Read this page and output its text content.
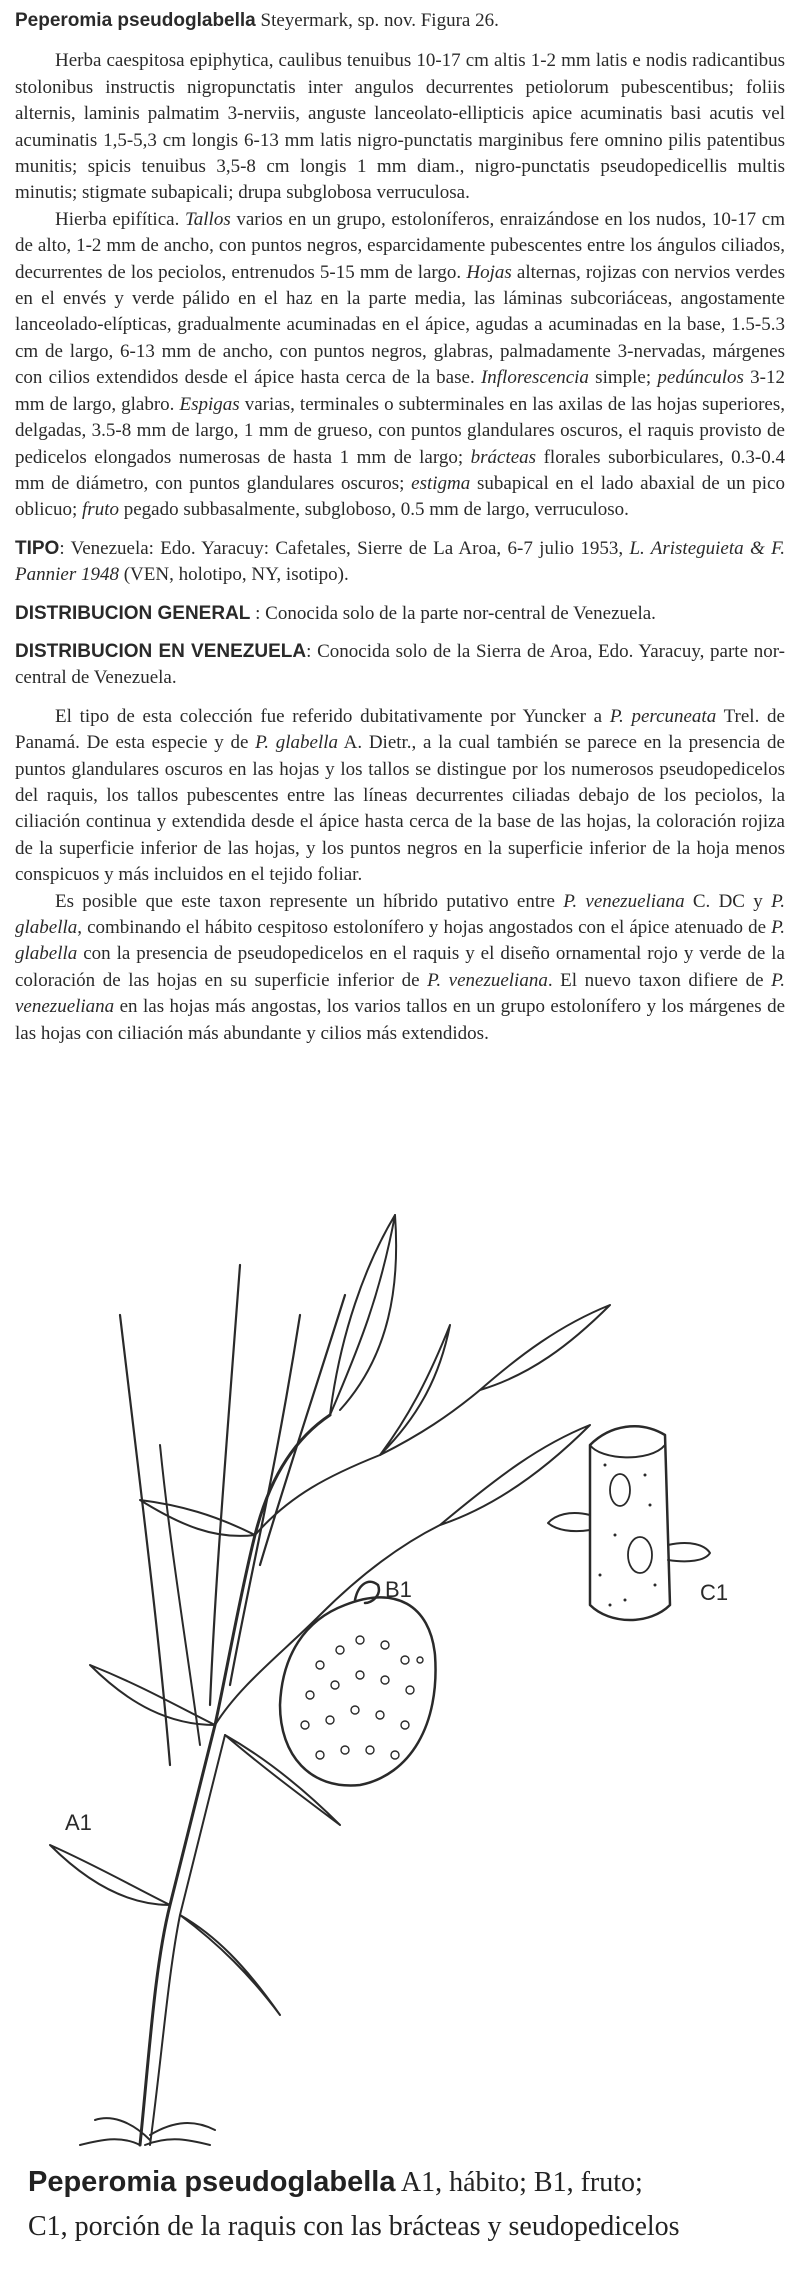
Peperomia pseudoglabella Steyermark, sp. nov. Figura 26.

Herba caespitosa epiphytica, caulibus tenuibus 10-17 cm altis 1-2 mm latis e nodis radicantibus stolonibus instructis nigropunctatis inter angulos decurrentes petiolorum pubescentibus; foliis alternis, laminis palmatim 3-nerviis, anguste lanceolato-ellipticis apice acuminatis basi acutis vel acuminatis 1,5-5,3 cm longis 6-13 mm latis nigro-punctatis marginibus fere omnino pilis patentibus munitis; spicis tenuibus 3,5-8 cm longis 1 mm diam., nigro-punctatis pseudopedicellis multis minutis; stigmate subapicali; drupa subglobosa verruculosa.

Hierba epifítica. Tallos varios en un grupo, estoloníferos, enraizándose en los nudos, 10-17 cm de alto, 1-2 mm de ancho, con puntos negros, esparcidamente pubescentes entre los ángulos ciliados, decurrentes de los peciolos, entrenudos 5-15 mm de largo. Hojas alternas, rojizas con nervios verdes en el envés y verde pálido en el haz en la parte media, las láminas subcoriáceas, angostamente lanceolado-elípticas, gradualmente acuminadas en el ápice, agudas a acuminadas en la base, 1.5-5.3 cm de largo, 6-13 mm de ancho, con puntos negros, glabras, palmadamente 3-nervadas, márgenes con cilios extendidos desde el ápice hasta cerca de la base. Inflorescencia simple; pedúnculos 3-12 mm de largo, glabro. Espigas varias, terminales o subterminales en las axilas de las hojas superiores, delgadas, 3.5-8 mm de largo, 1 mm de grueso, con puntos glandulares oscuros, el raquis provisto de pedicelos elongados numerosas de hasta 1 mm de largo; brácteas florales suborbiculares, 0.3-0.4 mm de diámetro, con puntos glandulares oscuros; estigma subapical en el lado abaxial de un pico oblicuo; fruto pegado subbasalmente, subgloboso, 0.5 mm de largo, verruculoso.

TIPO: Venezuela: Edo. Yaracuy: Cafetales, Sierre de La Aroa, 6-7 julio 1953, L. Aristeguieta & F. Pannier 1948 (VEN, holotipo, NY, isotipo).

DISTRIBUCION GENERAL : Conocida solo de la parte nor-central de Venezuela.

DISTRIBUCION EN VENEZUELA: Conocida solo de la Sierra de Aroa, Edo. Yaracuy, parte nor-central de Venezuela.

El tipo de esta colección fue referido dubitativamente por Yuncker a P. percuneata Trel. de Panamá. De esta especie y de P. glabella A. Dietr., a la cual también se parece en la presencia de puntos glandulares oscuros en las hojas y los tallos se distingue por los numerosos pseudopedicelos del raquis, los tallos pubescentes entre las líneas decurrentes ciliadas debajo de los peciolos, la ciliación continua y extendida desde el ápice hasta cerca de la base de las hojas, la coloración rojiza de la superficie inferior de las hojas, y los puntos negros en la superficie inferior de la hoja menos conspicuos y más incluidos en el tejido foliar.

Es posible que este taxon represente un híbrido putativo entre P. venezueliana C. DC y P. glabella, combinando el hábito cespitoso estolonífero y hojas angostados con el ápice atenuado de P. glabella con la presencia de pseudopedicelos en el raquis y el diseño ornamental rojo y verde de la coloración de las hojas en su superficie inferior de P. venezueliana. El nuevo taxon difiere de P. venezueliana en las hojas más angostas, los varios tallos en un grupo estolonífero y los márgenes de las hojas con ciliación más abundante y cilios más extendidos.

A1
B1	C1
Peperomia pseudoglabella A1, hábito; B1, fruto;
C1, porción de la raquis con las brácteas y seudopedicelos
